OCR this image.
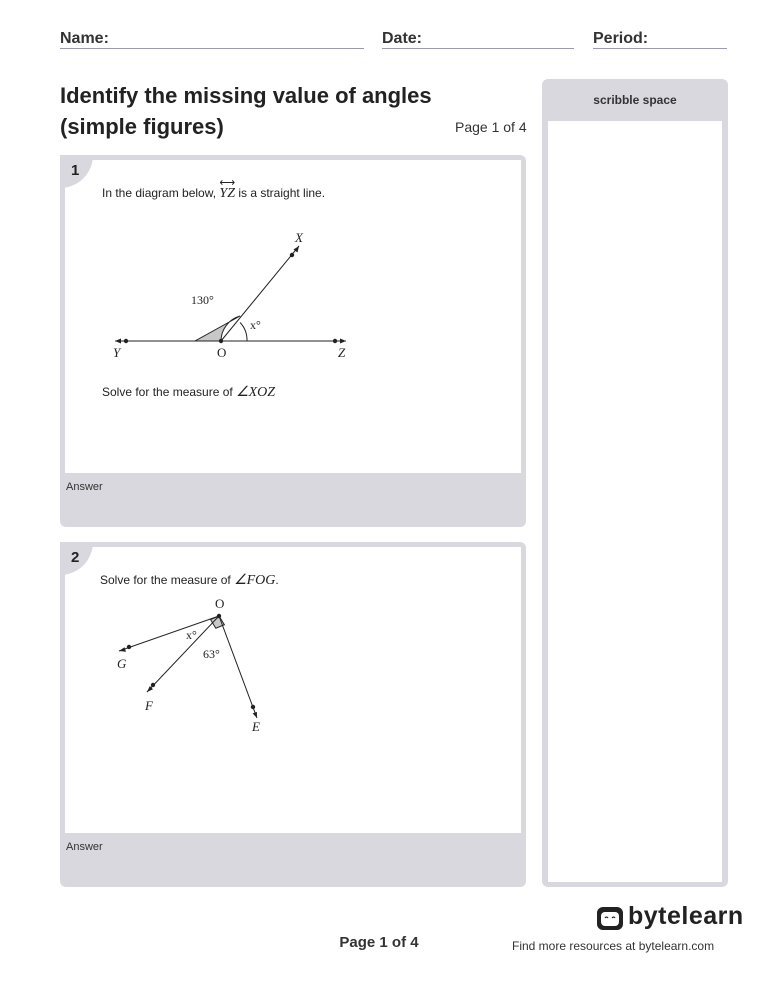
Name:	Date:	Period:
Identify the missing value of angles
(simple figures)	Page 1 of 4
In the diagram below,
⟷
YZ is a straight line.
X
Y	O	Z
130°
x°
Solve for the measure of ∠XOZ
1
Answer
Solve for the measure of ∠FOG.
O
G
F
E
x°
63°
2
Answer
scribble space
Page 1 of 4
bytelearn
Find more resources at bytelearn.com
